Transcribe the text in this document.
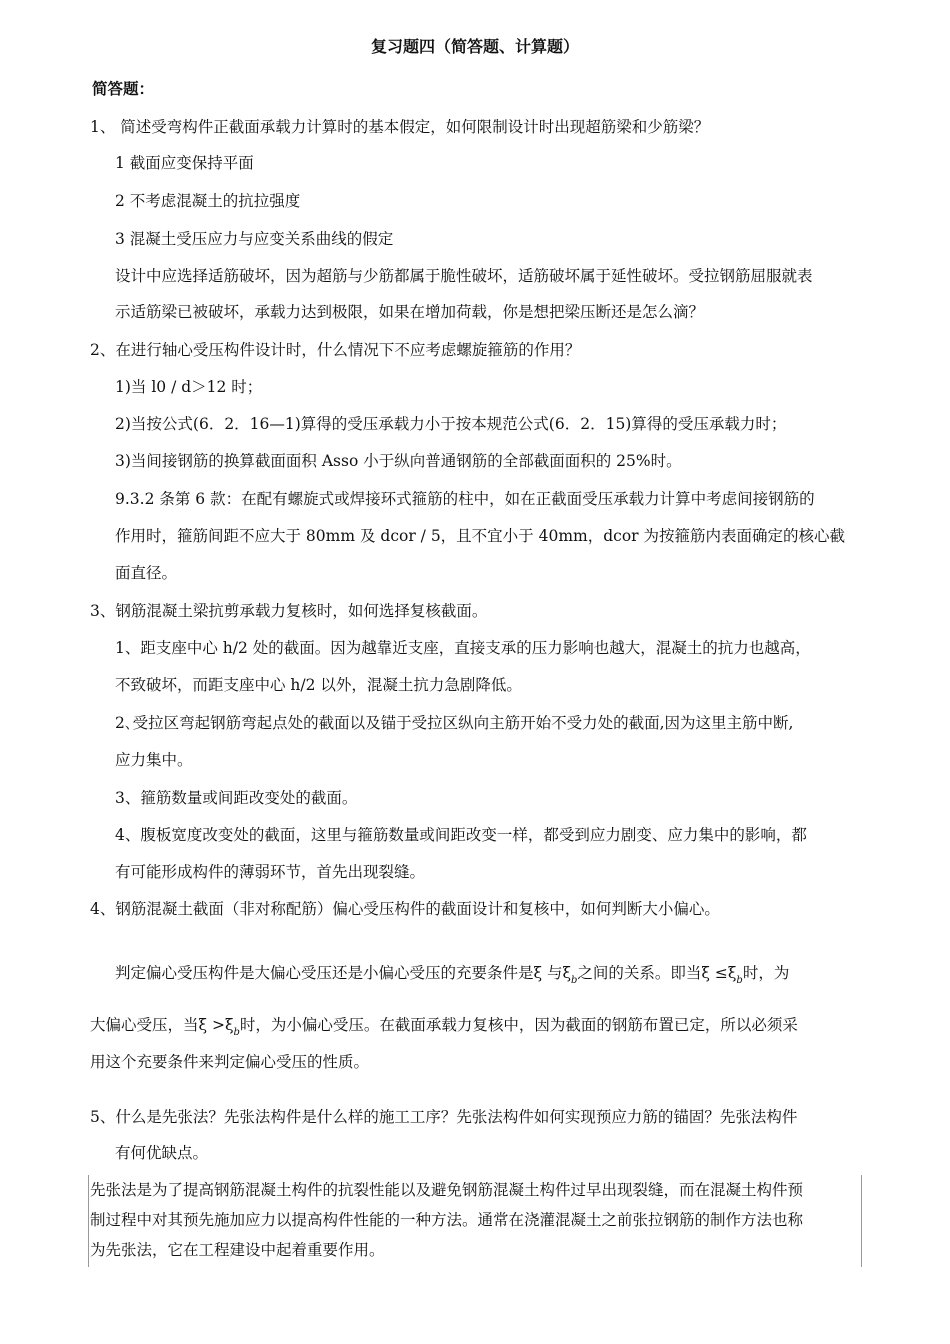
复习题四（简答题、计算题）
简答题：
1、 简述受弯构件正截面承载力计算时的基本假定，如何限制设计时出现超筋梁和少筋梁？
1 截面应变保持平面
2 不考虑混凝土的抗拉强度
3 混凝土受压应力与应变关系曲线的假定
设计中应选择适筋破坏，因为超筋与少筋都属于脆性破坏，适筋破坏属于延性破坏。受拉钢筋屈服就表
示适筋梁已被破坏，承载力达到极限，如果在增加荷载，你是想把梁压断还是怎么滴？
2、在进行轴心受压构件设计时，什么情况下不应考虑螺旋箍筋的作用？
1)当 l0 / d＞12 时；
2)当按公式(6．2．16—1)算得的受压承载力小于按本规范公式(6．2．15)算得的受压承载力时；
3)当间接钢筋的换算截面面积 Asso 小于纵向普通钢筋的全部截面面积的 25%时。
9.3.2 条第 6 款：在配有螺旋式或焊接环式箍筋的柱中，如在正截面受压承载力计算中考虑间接钢筋的
作用时，箍筋间距不应大于 80mm 及 dcor / 5，且不宜小于 40mm，dcor 为按箍筋内表面确定的核心截
面直径。
3、钢筋混凝土梁抗剪承载力复核时，如何选择复核截面。
1、距支座中心 h/2 处的截面。因为越靠近支座，直接支承的压力影响也越大，混凝土的抗力也越高，
不致破坏，而距支座中心 h/2 以外，混凝土抗力急剧降低。
2､受拉区弯起钢筋弯起点处的截面以及锚于受拉区纵向主筋开始不受力处的截面,因为这里主筋中断,
应力集中。
3、箍筋数量或间距改变处的截面。
4、腹板宽度改变处的截面，这里与箍筋数量或间距改变一样，都受到应力剧变、应力集中的影响，都
有可能形成构件的薄弱环节，首先出现裂缝。
4、钢筋混凝土截面（非对称配筋）偏心受压构件的截面设计和复核中，如何判断大小偏心。
判定偏心受压构件是大偏心受压还是小偏心受压的充要条件是ξ 与$\xi_b$之间的关系。即当$\xi \le\xi_b$时，为
大偏心受压，当$\xi >\xi_b$时，为小偏心受压。在截面承载力复核中，因为截面的钢筋布置已定，所以必须采
用这个充要条件来判定偏心受压的性质。
5、什么是先张法？先张法构件是什么样的施工工序？先张法构件如何实现预应力筋的锚固？先张法构件
有何优缺点。
先张法是为了提高钢筋混凝土构件的抗裂性能以及避免钢筋混凝土构件过早出现裂缝，而在混凝土构件预
制过程中对其预先施加应力以提高构件性能的一种方法。通常在浇灌混凝土之前张拉钢筋的制作方法也称
为先张法，它在工程建设中起着重要作用。
